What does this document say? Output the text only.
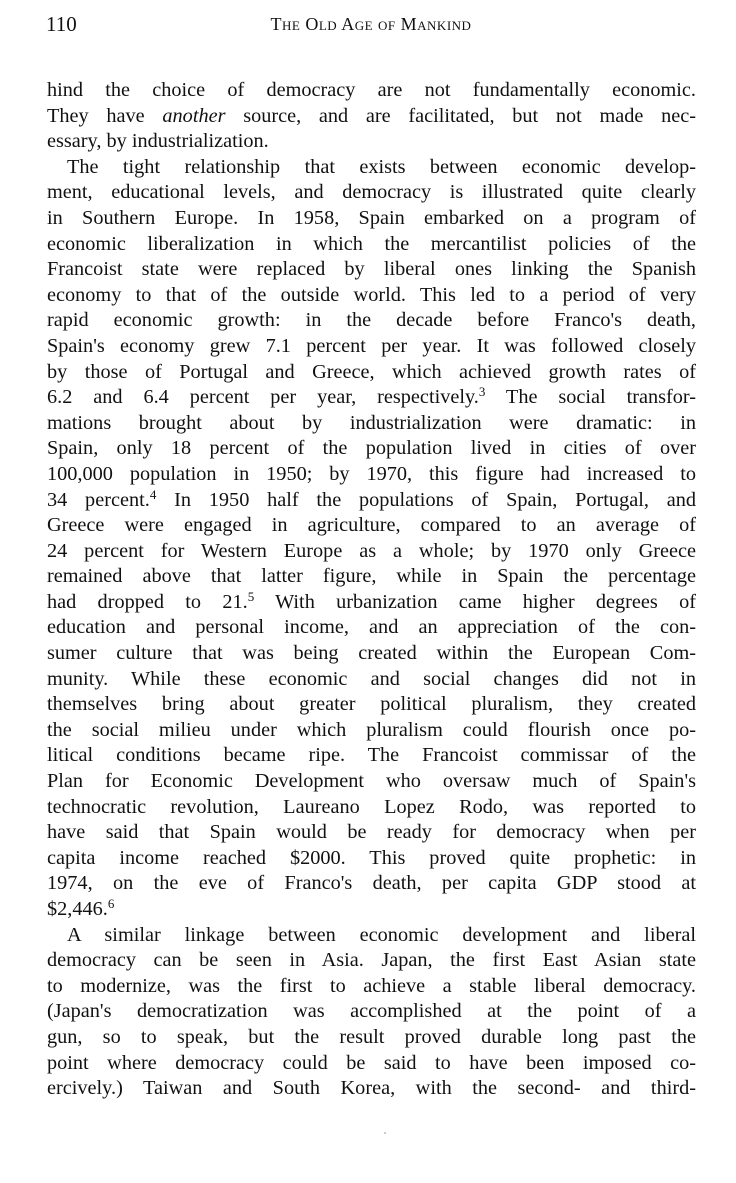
110	The Old Age of Mankind
hind the choice of democracy are not fundamentally economic.
They have another source, and are facilitated, but not made nec-
essary, by industrialization.
The tight relationship that exists between economic develop-
ment, educational levels, and democracy is illustrated quite clearly
in Southern Europe. In 1958, Spain embarked on a program of
economic liberalization in which the mercantilist policies of the
Francoist state were replaced by liberal ones linking the Spanish
economy to that of the outside world. This led to a period of very
rapid economic growth: in the decade before Franco's death,
Spain's economy grew 7.1 percent per year. It was followed closely
by those of Portugal and Greece, which achieved growth rates of
6.2 and 6.4 percent per year, respectively.$^3$ The social transfor-
mations brought about by industrialization were dramatic: in
Spain, only 18 percent of the population lived in cities of over
100,000 population in 1950; by 1970, this figure had increased to
34 percent.$^4$ In 1950 half the populations of Spain, Portugal, and
Greece were engaged in agriculture, compared to an average of
24 percent for Western Europe as a whole; by 1970 only Greece
remained above that latter figure, while in Spain the percentage
had dropped to 21.$^5$ With urbanization came higher degrees of
education and personal income, and an appreciation of the con-
sumer culture that was being created within the European Com-
munity. While these economic and social changes did not in
themselves bring about greater political pluralism, they created
the social milieu under which pluralism could flourish once po-
litical conditions became ripe. The Francoist commissar of the
Plan for Economic Development who oversaw much of Spain's
technocratic revolution, Laureano Lopez Rodo, was reported to
have said that Spain would be ready for democracy when per
capita income reached $2000. This proved quite prophetic: in
1974, on the eve of Franco's death, per capita GDP stood at
$2,446.$^6$
A similar linkage between economic development and liberal
democracy can be seen in Asia. Japan, the first East Asian state
to modernize, was the first to achieve a stable liberal democracy.
(Japan's democratization was accomplished at the point of a
gun, so to speak, but the result proved durable long past the
point where democracy could be said to have been imposed co-
ercively.) Taiwan and South Korea, with the second- and third-
